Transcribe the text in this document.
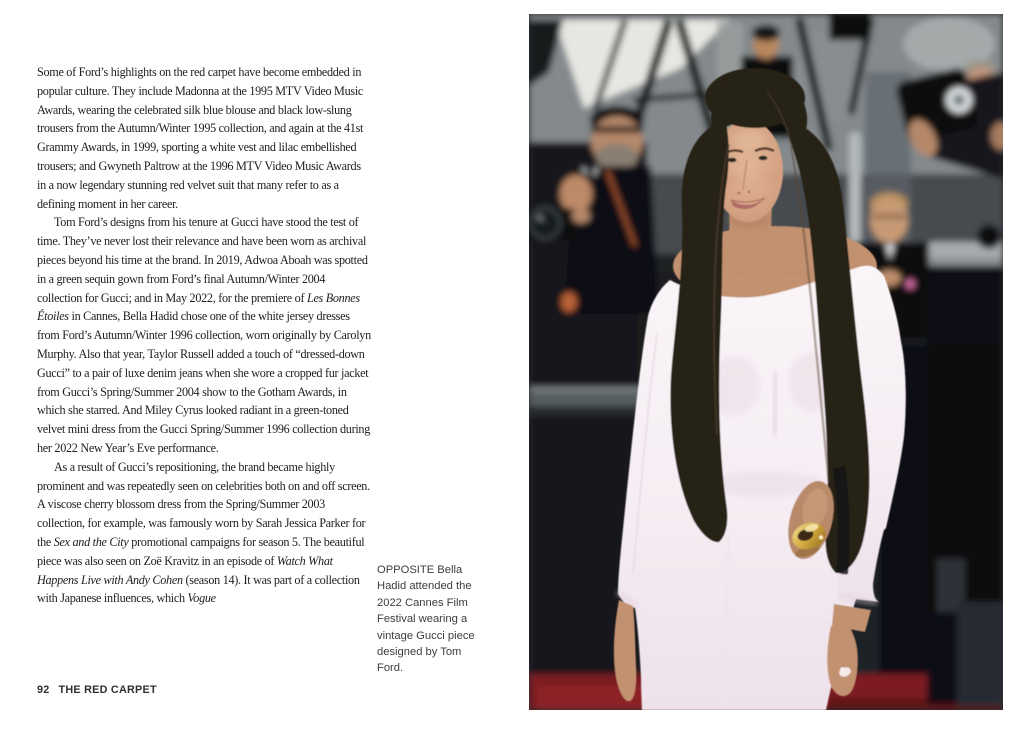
Some of Ford’s highlights on the red carpet have become embedded in popular culture. They include Madonna at the 1995 MTV Video Music Awards, wearing the celebrated silk blue blouse and black low-slung trousers from the Autumn/Winter 1995 collection, and again at the 41st Grammy Awards, in 1999, sporting a white vest and lilac embellished trousers; and Gwyneth Paltrow at the 1996 MTV Video Music Awards in a now legendary stunning red velvet suit that many refer to as a defining moment in her career.
Tom Ford’s designs from his tenure at Gucci have stood the test of time. They’ve never lost their relevance and have been worn as archival pieces beyond his time at the brand. In 2019, Adwoa Aboah was spotted in a green sequin gown from Ford’s final Autumn/Winter 2004 collection for Gucci; and in May 2022, for the premiere of Les Bonnes Étoiles in Cannes, Bella Hadid chose one of the white jersey dresses from Ford’s Autumn/Winter 1996 collection, worn originally by Carolyn Murphy. Also that year, Taylor Russell added a touch of “dressed-down Gucci” to a pair of luxe denim jeans when she wore a cropped fur jacket from Gucci’s Spring/Summer 2004 show to the Gotham Awards, in which she starred. And Miley Cyrus looked radiant in a green-toned velvet mini dress from the Gucci Spring/Summer 1996 collection during her 2022 New Year’s Eve performance.
As a result of Gucci’s repositioning, the brand became highly prominent and was repeatedly seen on celebrities both on and off screen. A viscose cherry blossom dress from the Spring/Summer 2003 collection, for example, was famously worn by Sarah Jessica Parker for the Sex and the City promotional campaigns for season 5. The beautiful piece was also seen on Zoë Kravitz in an episode of Watch What Happens Live with Andy Cohen (season 14). It was part of a collection with Japanese influences, which Vogue
OPPOSITE Bella
Hadid attended the
2022 Cannes Film
Festival wearing a
vintage Gucci piece
designed by Tom
Ford.
92 THE RED CARPET
